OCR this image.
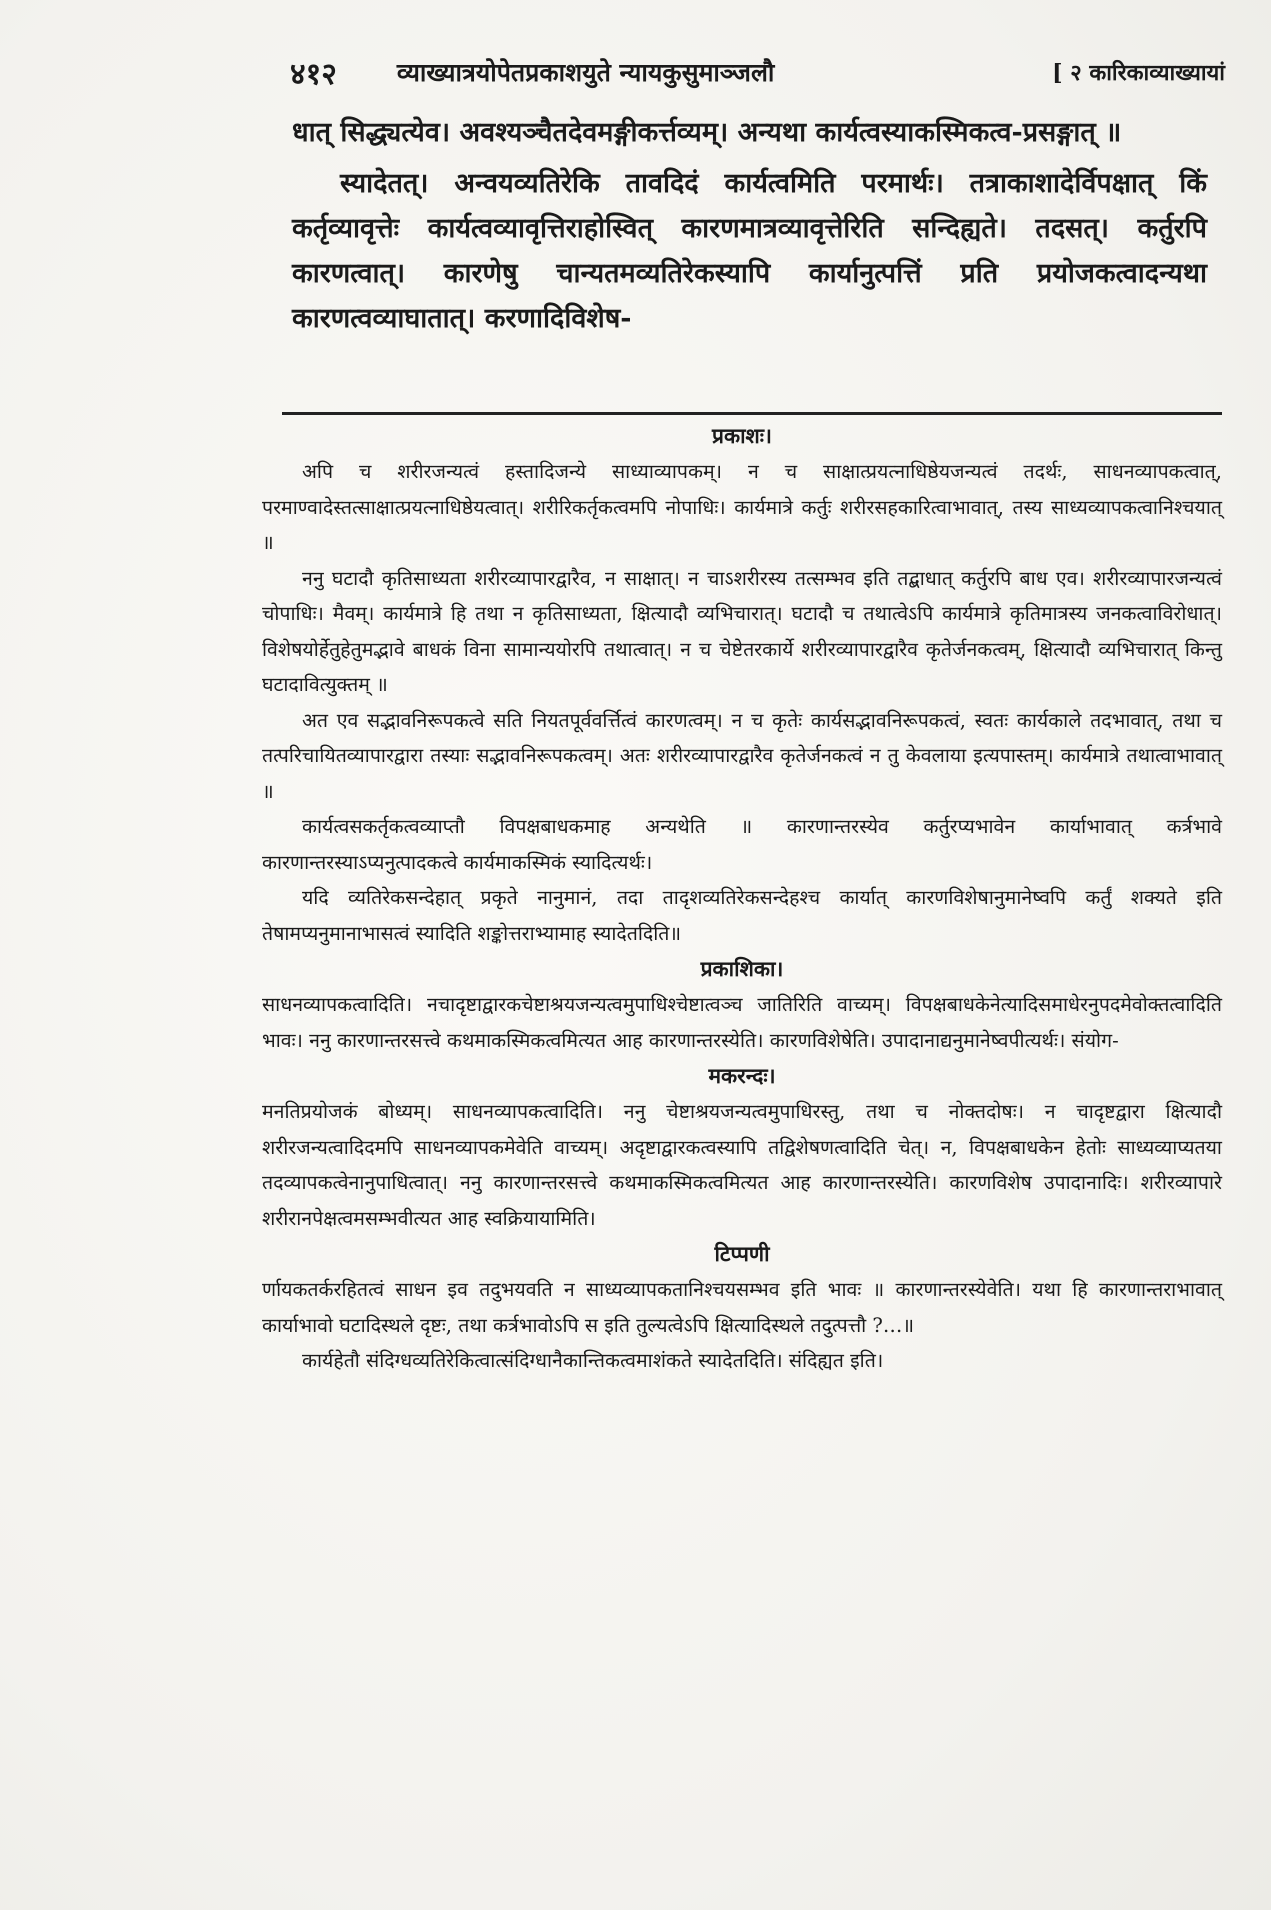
४१२ व्याख्यात्रयोपेतप्रकाशयुते न्यायकुसुमाञ्जलौ	[ २ कारिकाव्याख्यायां

धात् सिद्ध्यत्येव। अवश्यञ्चैतदेवमङ्गीकर्त्तव्यम्। अन्यथा कार्यत्वस्याकस्मिकत्व-प्रसङ्गात् ॥

स्यादेतत्। अन्वयव्यतिरेकि तावदिदं कार्यत्वमिति परमार्थः। तत्राकाशादेर्विपक्षात् किं कर्तृव्यावृत्तेः कार्यत्वव्यावृत्तिराहोस्वित् कारणमात्रव्यावृत्तेरिति सन्दिह्यते। तदसत्। कर्तुरपि कारणत्वात्। कारणेषु चान्यतमव्यतिरेकस्यापि कार्यानुत्पत्तिं प्रति प्रयोजकत्वादन्यथा कारणत्वव्याघातात्। करणादिविशेष-

प्रकाशः।

अपि च शरीरजन्यत्वं हस्तादिजन्ये साध्याव्यापकम्। न च साक्षात्प्रयत्नाधिष्ठेयजन्यत्वं तदर्थः, साधनव्यापकत्वात्, परमाण्वादेस्तत्साक्षात्प्रयत्नाधिष्ठेयत्वात्। शरीरिकर्तृकत्वमपि नोपाधिः। कार्यमात्रे कर्तुः शरीरसहकारित्वाभावात्, तस्य साध्यव्यापकत्वानिश्चयात् ॥

ननु घटादौ कृतिसाध्यता शरीरव्यापारद्वारैव, न साक्षात्। न चाऽशरीरस्य तत्सम्भव इति तद्बाधात् कर्तुरपि बाध एव। शरीरव्यापारजन्यत्वं चोपाधिः। मैवम्। कार्यमात्रे हि तथा न कृतिसाध्यता, क्षित्यादौ व्यभिचारात्। घटादौ च तथात्वेऽपि कार्यमात्रे कृतिमात्रस्य जनकत्वाविरोधात्। विशेषयोर्हेतुहेतुमद्भावे बाधकं विना सामान्ययोरपि तथात्वात्। न च चेष्टेतरकार्ये शरीरव्यापारद्वारैव कृतेर्जनकत्वम्, क्षित्यादौ व्यभिचारात् किन्तु घटादावित्युक्तम् ॥

अत एव सद्भावनिरूपकत्वे सति नियतपूर्ववर्त्तित्वं कारणत्वम्। न च कृतेः कार्यसद्भावनिरूपकत्वं, स्वतः कार्यकाले तदभावात्, तथा च तत्परिचायितव्यापारद्वारा तस्याः सद्भावनिरूपकत्वम्। अतः शरीरव्यापारद्वारैव कृतेर्जनकत्वं न तु केवलाया इत्यपास्तम्। कार्यमात्रे तथात्वाभावात् ॥

कार्यत्वसकर्तृकत्वव्याप्तौ विपक्षबाधकमाह अन्यथेति ॥ कारणान्तरस्येव कर्तुरप्यभावेन कार्याभावात् कर्त्रभावे कारणान्तरस्याऽप्यनुत्पादकत्वे कार्यमाकस्मिकं स्यादित्यर्थः।

यदि व्यतिरेकसन्देहात् प्रकृते नानुमानं, तदा तादृशव्यतिरेकसन्देहश्च कार्यात् कारणविशेषानुमानेष्वपि कर्तुं शक्यते इति तेषामप्यनुमानाभासत्वं स्यादिति शङ्कोत्तराभ्यामाह स्यादेतदिति॥

प्रकाशिका।

साधनव्यापकत्वादिति। नचादृष्टाद्वारकचेष्टाश्रयजन्यत्वमुपाधिश्चेष्टात्वञ्च जातिरिति वाच्यम्। विपक्षबाधकेनेत्यादिसमाधेरनुपदमेवोक्तत्वादिति भावः। ननु कारणान्तरसत्त्वे कथमाकस्मिकत्वमित्यत आह कारणान्तरस्येति। कारणविशेषेति। उपादानाद्यनुमानेष्वपीत्यर्थः। संयोग-

मकरन्दः।

मनतिप्रयोजकं बोध्यम्। साधनव्यापकत्वादिति। ननु चेष्टाश्रयजन्यत्वमुपाधिरस्तु, तथा च नोक्तदोषः। न चादृष्टद्वारा क्षित्यादौ शरीरजन्यत्वादिदमपि साधनव्यापकमेवेति वाच्यम्। अदृष्टाद्वारकत्वस्यापि तद्विशेषणत्वादिति चेत्। न, विपक्षबाधकेन हेतोः साध्यव्याप्यतया तदव्यापकत्वेनानुपाधित्वात्। ननु कारणान्तरसत्त्वे कथमाकस्मिकत्वमित्यत आह कारणान्तरस्येति। कारणविशेष उपादानादिः। शरीरव्यापारे शरीरानपेक्षत्वमसम्भवीत्यत आह स्वक्रियायामिति।

टिप्पणी

र्णायकतर्करहितत्वं साधन इव तदुभयवति न साध्यव्यापकतानिश्चयसम्भव इति भावः ॥ कारणान्तरस्येवेति। यथा हि कारणान्तराभावात् कार्याभावो घटादिस्थले दृष्टः, तथा कर्त्रभावोऽपि स इति तुल्यत्वेऽपि क्षित्यादिस्थले तदुत्पत्तौ ?…॥

कार्यहेतौ संदिग्धव्यतिरेकित्वात्संदिग्धानैकान्तिकत्वमाशंकते स्यादेतदिति। संदिह्यत इति।
